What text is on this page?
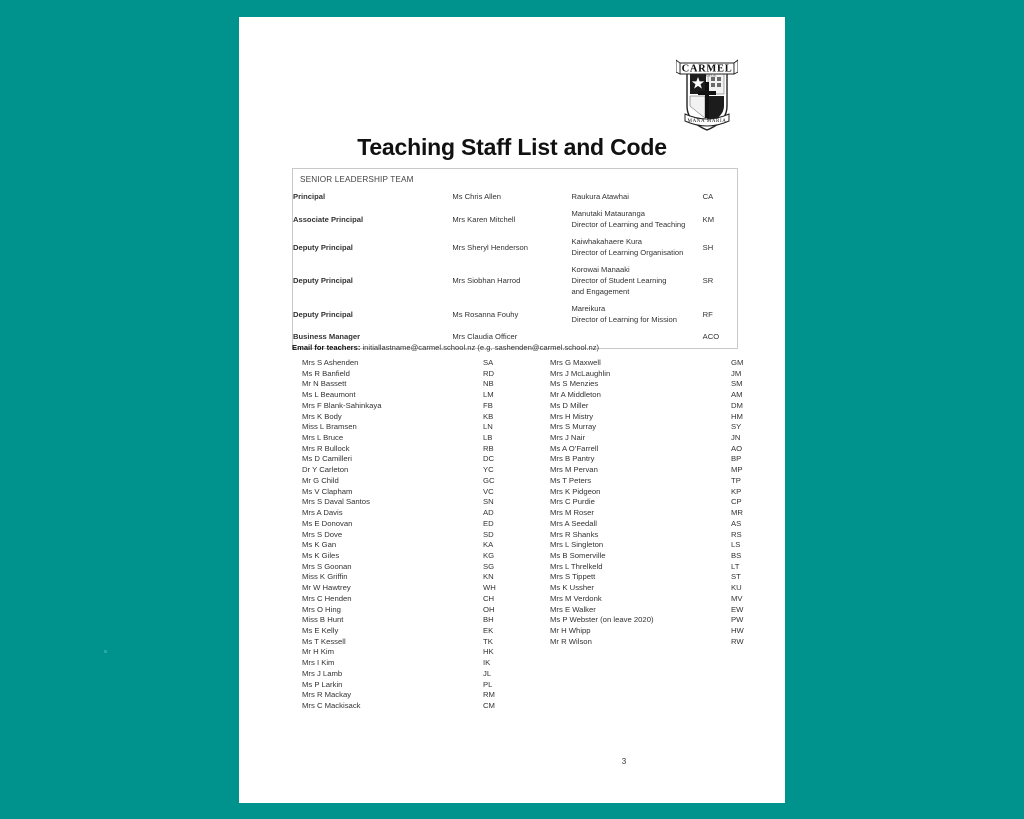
CARMEL
COLLEGE
MANA MARIA
Teaching Staff List and Code
SENIOR LEADERSHIP TEAM
Principal	Ms Chris Allen	Raukura Atawhai	CA
Associate Principal	Mrs Karen Mitchell	Manutaki Matauranga
Director of Learning and Teaching	KM
Deputy Principal	Mrs Sheryl Henderson	Kaiwhakahaere Kura
Director of Learning Organisation	SH
Deputy Principal	Mrs Siobhan Harrod	Korowai Manaaki
Director of Student Learning
and Engagement	SR
Deputy Principal	Ms Rosanna Fouhy	Mareikura
Director of Learning for Mission	RF
Business Manager	Mrs Claudia Officer		ACO
Email for teachers: initiallastname@carmel.school.nz (e.g. sashenden@carmel.school.nz)
Mrs S Ashenden	SA
Ms R Banfield	RD
Mr N Bassett	NB
Ms L Beaumont	LM
Mrs F Blank-Sahinkaya	FB
Mrs K Body	KB
Miss L Bramsen	LN
Mrs L Bruce	LB
Mrs R Bullock	RB
Ms D Camilleri	DC
Dr Y Carleton	YC
Mr G Child	GC
Ms V Clapham	VC
Mrs S Daval Santos	SN
Mrs A Davis	AD
Ms E Donovan	ED
Mrs S Dove	SD
Ms K Gan	KA
Ms K Giles	KG
Mrs S Goonan	SG
Miss K Griffin	KN
Mr W Hawtrey	WH
Mrs C Henden	CH
Mrs O Hing	OH
Miss B Hunt	BH
Ms E Kelly	EK
Ms T Kessell	TK
Mr H Kim	HK
Mrs I Kim	IK
Mrs J Lamb	JL
Ms P Larkin	PL
Mrs R Mackay	RM
Mrs C Mackisack	CM
Mrs G Maxwell	GM
Mrs J McLaughlin	JM
Ms S Menzies	SM
Mr A Middleton	AM
Ms D Miller	DM
Mrs H Mistry	HM
Mrs S Murray	SY
Mrs J Nair	JN
Ms A O’Farrell	AO
Mrs B Pantry	BP
Mrs M Pervan	MP
Ms T Peters	TP
Mrs K Pidgeon	KP
Mrs C Purdie	CP
Mrs M Roser	MR
Mrs A Seedall	AS
Mrs R Shanks	RS
Mrs L Singleton	LS
Ms B Somerville	BS
Mrs L Threlkeld	LT
Mrs S Tippett	ST
Ms K Ussher	KU
Mrs M Verdonk	MV
Mrs E Walker	EW
Ms P Webster (on leave 2020)	PW
Mr H Whipp	HW
Mr R Wilson	RW
3
